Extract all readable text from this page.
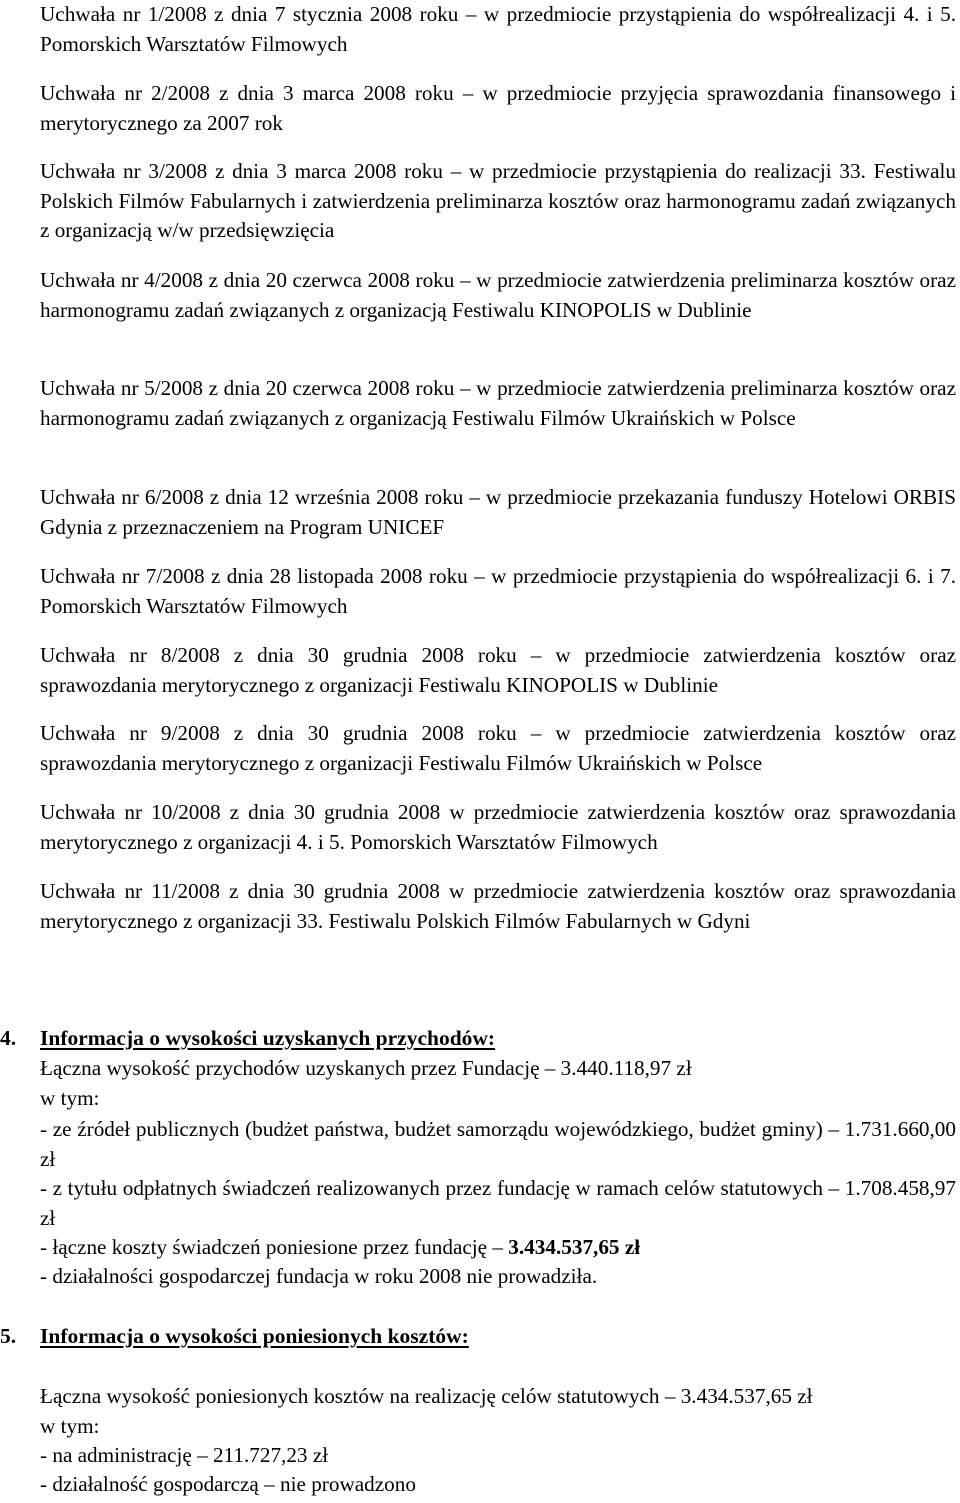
Uchwała nr 1/2008 z dnia 7 stycznia 2008 roku – w przedmiocie przystąpienia do współrealizacji 4. i 5. Pomorskich Warsztatów Filmowych

Uchwała nr 2/2008 z dnia 3 marca 2008 roku – w przedmiocie przyjęcia sprawozdania finansowego i merytorycznego za 2007 rok

Uchwała nr 3/2008 z dnia 3 marca 2008 roku – w przedmiocie przystąpienia do realizacji 33. Festiwalu Polskich Filmów Fabularnych i zatwierdzenia preliminarza kosztów oraz harmonogramu zadań związanych z organizacją w/w przedsięwzięcia

Uchwała nr 4/2008 z dnia 20 czerwca 2008 roku – w przedmiocie zatwierdzenia preliminarza kosztów oraz harmonogramu zadań związanych z organizacją Festiwalu KINOPOLIS w Dublinie

Uchwała nr 5/2008 z dnia 20 czerwca 2008 roku – w przedmiocie zatwierdzenia preliminarza kosztów oraz harmonogramu zadań związanych z organizacją Festiwalu Filmów Ukraińskich w Polsce

Uchwała nr 6/2008 z dnia 12 września 2008 roku – w przedmiocie przekazania funduszy Hotelowi ORBIS Gdynia z przeznaczeniem na Program UNICEF

Uchwała nr 7/2008 z dnia 28 listopada 2008 roku – w przedmiocie przystąpienia do współrealizacji 6. i 7. Pomorskich Warsztatów Filmowych

Uchwała nr 8/2008 z dnia 30 grudnia 2008 roku – w przedmiocie zatwierdzenia kosztów oraz sprawozdania merytorycznego z organizacji Festiwalu KINOPOLIS w Dublinie

Uchwała nr 9/2008 z dnia 30 grudnia 2008 roku – w przedmiocie zatwierdzenia kosztów oraz sprawozdania merytorycznego z organizacji Festiwalu Filmów Ukraińskich w Polsce

Uchwała nr 10/2008 z dnia 30 grudnia 2008 w przedmiocie zatwierdzenia kosztów oraz sprawozdania merytorycznego z organizacji 4. i 5. Pomorskich Warsztatów Filmowych

Uchwała nr 11/2008 z dnia 30 grudnia 2008 w przedmiocie zatwierdzenia kosztów oraz sprawozdania merytorycznego z organizacji 33. Festiwalu Polskich Filmów Fabularnych w Gdyni

4. Informacja o wysokości uzyskanych przychodów:

Łączna wysokość przychodów uzyskanych przez Fundację – 3.440.118,97 zł

w tym:

- ze źródeł publicznych (budżet państwa, budżet samorządu wojewódzkiego, budżet gminy) – 1.731.660,00 zł

- z tytułu odpłatnych świadczeń realizowanych przez fundację w ramach celów statutowych – 1.708.458,97 zł

- łączne koszty świadczeń poniesione przez fundację – 3.434.537,65 zł

- działalności gospodarczej fundacja w roku 2008 nie prowadziła.

5. Informacja o wysokości poniesionych kosztów:

Łączna wysokość poniesionych kosztów na realizację celów statutowych – 3.434.537,65 zł

w tym:

- na administrację – 211.727,23 zł

- działalność gospodarczą – nie prowadzono
